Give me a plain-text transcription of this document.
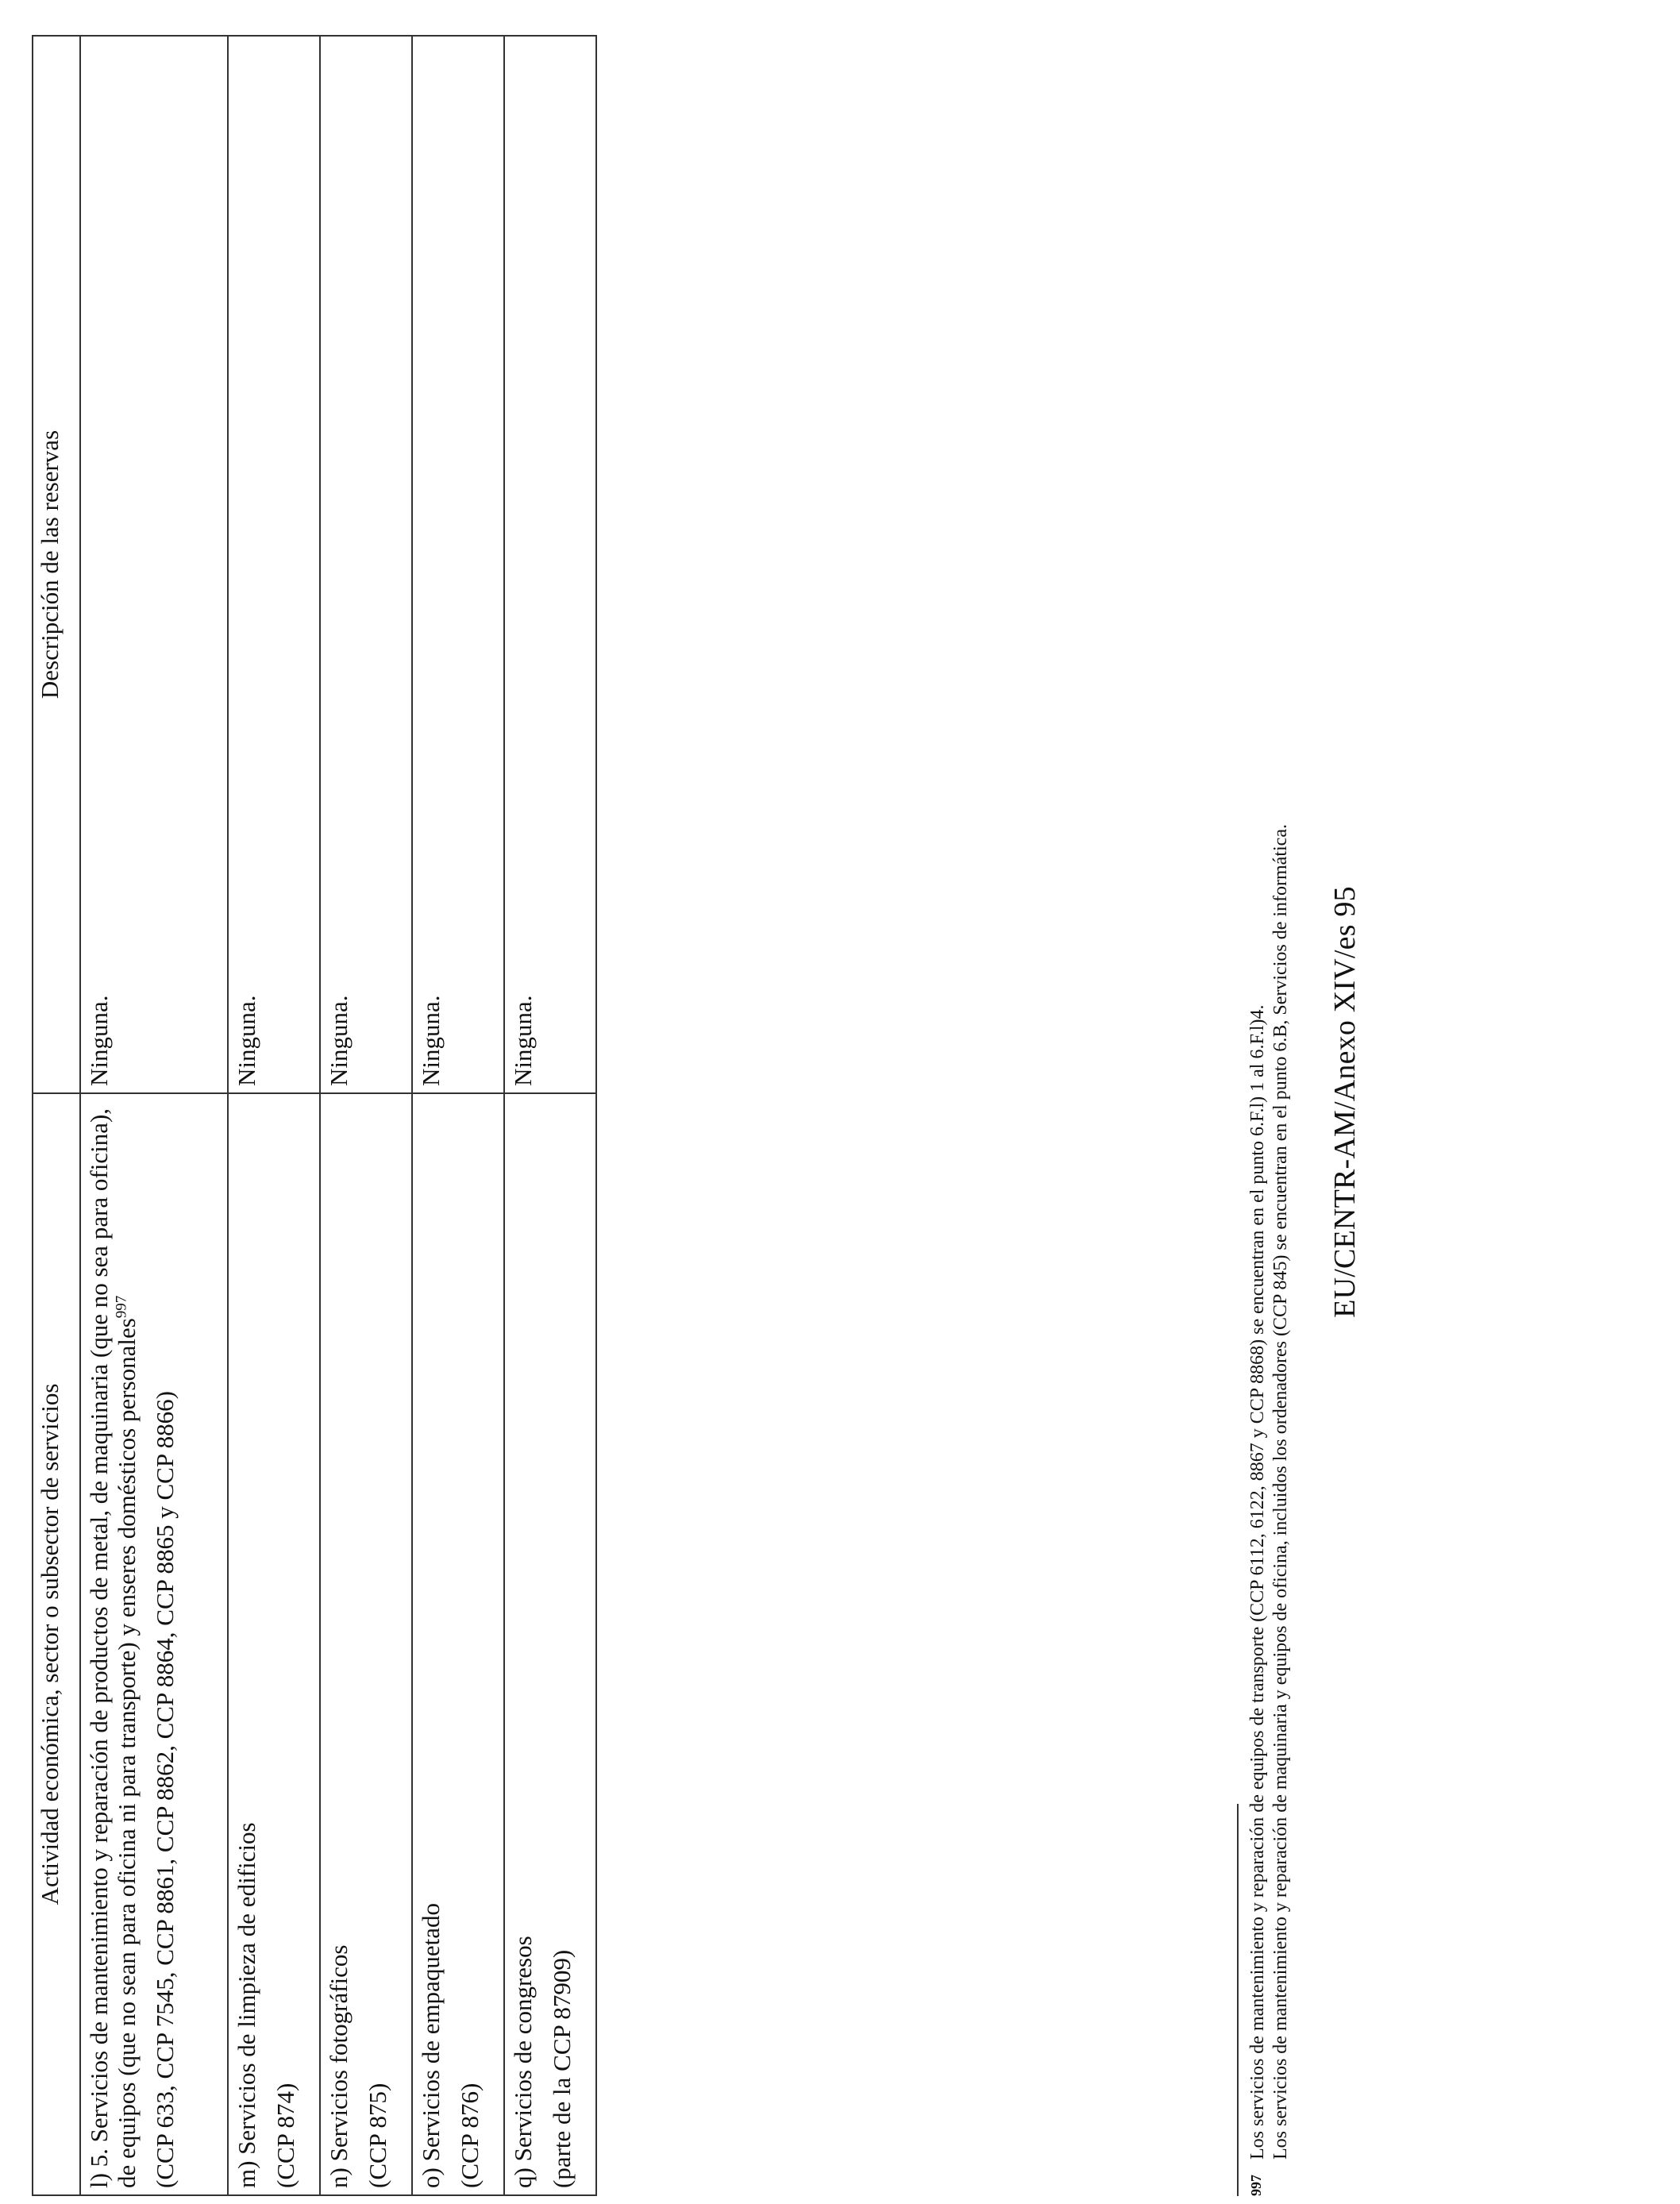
Actividad económica, sector o subsector de servicios	Descripción de las reservas
l) 5. Servicios de mantenimiento y reparación de productos de metal, de maquinaria (que no sea para oficina), de equipos (que no sean para oficina ni para transporte) y enseres domésticos personales$^{997}$
(CCP 633, CCP 7545, CCP 8861, CCP 8862, CCP 8864, CCP 8865 y CCP 8866)	Ninguna.
m) Servicios de limpieza de edificios (CCP 874)	Ninguna.
n) Servicios fotográficos (CCP 875)	Ninguna.
o) Servicios de empaquetado (CCP 876)	Ninguna.
q) Servicios de congresos (parte de la CCP 87909)	Ninguna.
997
Los servicios de mantenimiento y reparación de equipos de transporte (CCP 6112, 6122, 8867 y CCP 8868) se encuentran en el punto 6.F.l) 1 al 6.F.l)4. Los servicios de mantenimiento y reparación de maquinaria y equipos de oficina, incluidos los ordenadores (CCP 845) se encuentran en el punto 6.B, Servicios de informática. EU/CENTR-AM/Anexo XIV/es 95
